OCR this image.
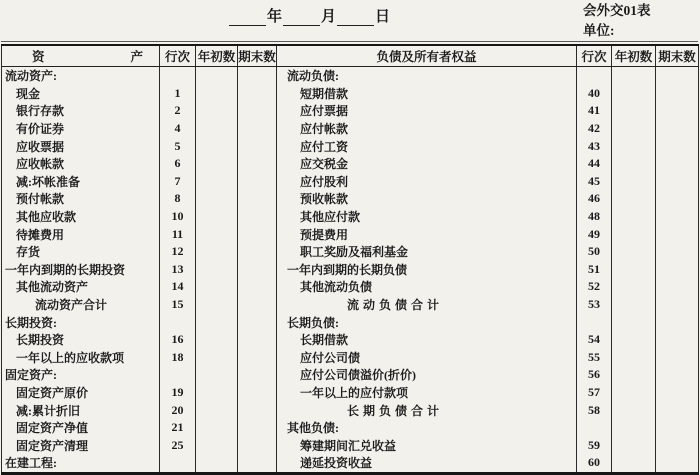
年	月	日	会外交01表
单位:
资 产	行次	年初数	期末数	负债及所有者权益	行次	年初数	期末数

流动资产:				流动负债:			

现金	1			短期借款	40		

银行存款	2			应付票据	41		

有价证券	4			应付帐款	42		

应收票据	5			应付工资	43		

应收帐款	6			应交税金	44		

减:坏帐准备	7			应付股利	45		

预付帐款	8			预收帐款	46		

其他应收款	10			其他应付款	48		

待摊费用	11			预提费用	49		

存货	12			职工奖励及福利基金	50		

一年内到期的长期投资	13			一年内到期的长期负债	51		

其他流动资产	14			其他流动负债	52		

流动资产合计	15			流动负债合计	53		

长期投资:				长期负债:			

长期投资	16			长期借款	54		

一年以上的应收款项	18			应付公司债	55		

固定资产:				应付公司债溢价(折价)	56		

固定资产原价	19			一年以上的应付款项	57		

减:累计折旧	20			长期负债合计	58		

固定资产净值	21			其他负债:			

固定资产清理	25			筹建期间汇兑收益	59		

在建工程:				递延投资收益	60		
